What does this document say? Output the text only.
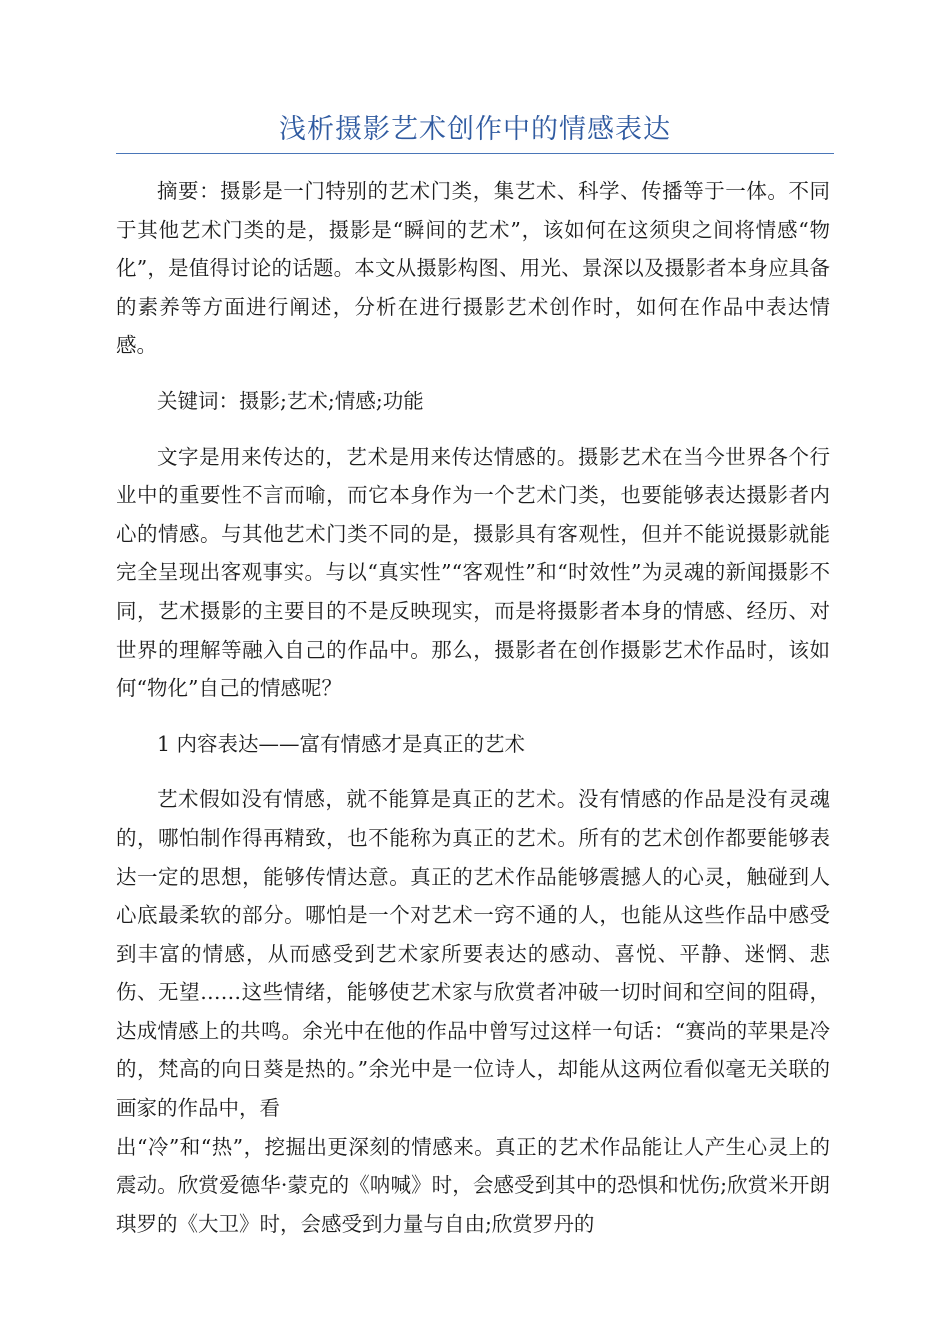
浅析摄影艺术创作中的情感表达

摘要：摄影是一门特别的艺术门类，集艺术、科学、传播等于一体。不同于其他艺术门类的是，摄影是“瞬间的艺术”，该如何在这须臾之间将情感“物化”，是值得讨论的话题。本文从摄影构图、用光、景深以及摄影者本身应具备的素养等方面进行阐述，分析在进行摄影艺术创作时，如何在作品中表达情感。

关键词：摄影;艺术;情感;功能

文字是用来传达的，艺术是用来传达情感的。摄影艺术在当今世界各个行业中的重要性不言而喻，而它本身作为一个艺术门类，也要能够表达摄影者内心的情感。与其他艺术门类不同的是，摄影具有客观性，但并不能说摄影就能完全呈现出客观事实。与以“真实性”“客观性”和“时效性”为灵魂的新闻摄影不同，艺术摄影的主要目的不是反映现实，而是将摄影者本身的情感、经历、对世界的理解等融入自己的作品中。那么，摄影者在创作摄影艺术作品时，该如何“物化”自己的情感呢？

1 内容表达——富有情感才是真正的艺术

艺术假如没有情感，就不能算是真正的艺术。没有情感的作品是没有灵魂的，哪怕制作得再精致，也不能称为真正的艺术。所有的艺术创作都要能够表达一定的思想，能够传情达意。真正的艺术作品能够震撼人的心灵，触碰到人心底最柔软的部分。哪怕是一个对艺术一窍不通的人，也能从这些作品中感受到丰富的情感，从而感受到艺术家所要表达的感动、喜悦、平静、迷惘、悲伤、无望……这些情绪，能够使艺术家与欣赏者冲破一切时间和空间的阻碍，达成情感上的共鸣。余光中在他的作品中曾写过这样一句话：“赛尚的苹果是冷的，梵高的向日葵是热的。”余光中是一位诗人，却能从这两位看似毫无关联的画家的作品中，看

出“冷”和“热”，挖掘出更深刻的情感来。真正的艺术作品能让人产生心灵上的震动。欣赏爱德华·蒙克的《呐喊》时，会感受到其中的恐惧和忧伤;欣赏米开朗琪罗的《大卫》时，会感受到力量与自由;欣赏罗丹的
